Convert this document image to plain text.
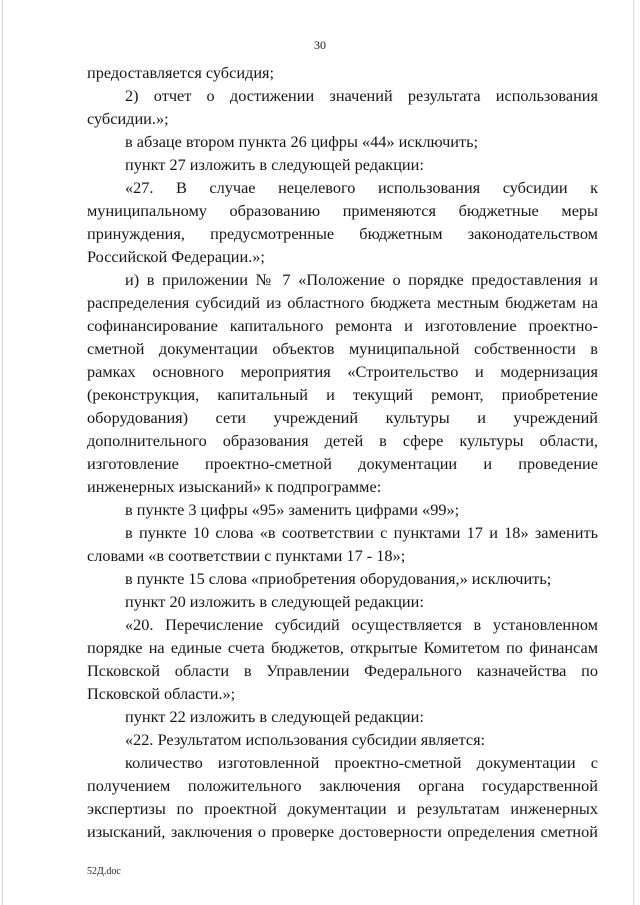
30

предоставляется субсидия;

2) отчет о достижении значений результата использования субсидии.»;

в абзаце втором пункта 26 цифры «44» исключить;

пункт 27 изложить в следующей редакции:

«27. В случае нецелевого использования субсидии к муниципальному образованию применяются бюджетные меры принуждения, предусмотренные бюджетным законодательством Российской Федерации.»;

и) в приложении № 7 «Положение о порядке предоставления и распределения субсидий из областного бюджета местным бюджетам на софинансирование капитального ремонта и изготовление проектно-сметной документации объектов муниципальной собственности в рамках основного мероприятия «Строительство и модернизация (реконструкция, капитальный и текущий ремонт, приобретение оборудования) сети учреждений культуры и учреждений дополнительного образования детей в сфере культуры области, изготовление проектно-сметной документации и проведение инженерных изысканий» к подпрограмме:

в пункте 3 цифры «95» заменить цифрами «99»;

в пункте 10 слова «в соответствии с пунктами 17 и 18» заменить словами «в соответствии с пунктами 17 - 18»;

в пункте 15 слова «приобретения оборудования,» исключить;

пункт 20 изложить в следующей редакции:

«20. Перечисление субсидий осуществляется в установленном порядке на единые счета бюджетов, открытые Комитетом по финансам Псковской области в Управлении Федерального казначейства по Псковской области.»;

пункт 22 изложить в следующей редакции:

«22. Результатом использования субсидии является:

количество изготовленной проектно-сметной документации с получением положительного заключения органа государственной экспертизы по проектной документации и результатам инженерных изысканий, заключения о проверке достоверности определения сметной

52Д.doc
